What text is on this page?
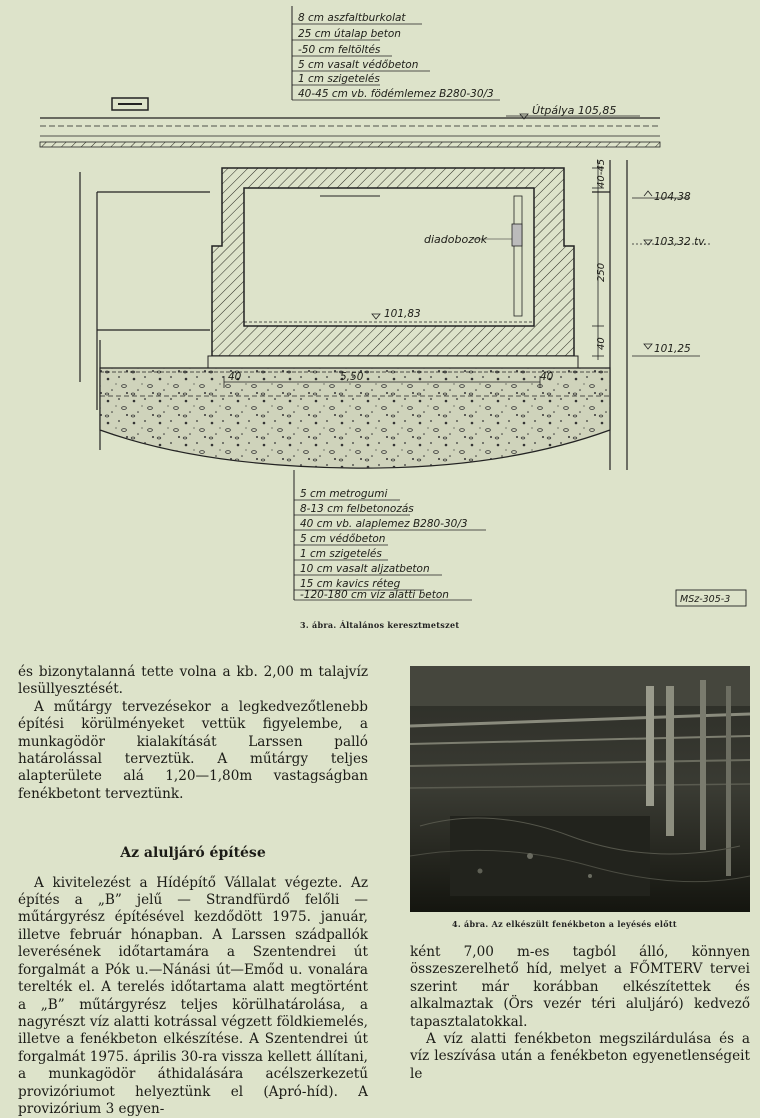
8 cm aszfaltburkolat
25 cm útalap beton
-50 cm feltöltés
5 cm vasalt védőbeton
1 cm szigetelés
40-45 cm vb. födémlemez B280-30/3
Útpálya 105,85
101,83
diadobozok
5,50
40	40
40-45
250
40
104,38
103,32 tv.
101,25
5 cm metrogumi
8-13 cm felbetonozás
40 cm vb. alaplemez B280-30/3
5 cm védőbeton
1 cm szigetelés
10 cm vasalt aljzatbeton
15 cm kavics réteg
-120-180 cm víz alatti beton	MSz-305-3
3. ábra. Általános keresztmetszet

és bizonytalanná tette volna a kb. 2,00 m talajvíz lesüllyesztését.

A műtárgy tervezésekor a legkedvezőtlenebb építési körülményeket vettük figyelembe, a munkagödör kialakítását Larssen palló határolással terveztük. A műtárgy teljes alapterülete alá 1,20—1,80m vastagságban fenékbetont terveztünk.

Az aluljáró építése

A kivitelezést a Hídépítő Vállalat végezte. Az építés a „B” jelű — Strandfürdő felőli — műtárgyrész építésével kezdődött 1975. január, illetve február hónapban. A Larssen szádpallók leverésének időtartamára a Szentendrei út forgalmát a Pók u.—Nánási út—Emőd u. vonalára terelték el. A terelés időtartama alatt megtörtént a „B” műtárgyrész teljes körülhatárolása, a nagyrészt víz alatti kotrással végzett földkiemelés, illetve a fenékbeton elkészítése. A Szentendrei út forgalmát 1975. április 30-ra vissza kellett állítani, a munkagödör áthidalására acélszerkezetű provizóriumot helyeztünk el (Apró-híd). A provizórium 3 egyen-

4. ábra. Az elkészült fenékbeton a leyésés előtt

ként 7,00 m-es tagból álló, könnyen összeszerelhető híd, melyet a FŐMTERV tervei szerint már korábban elkészítettek és alkalmaztak (Örs vezér téri aluljáró) kedvező tapasztalatokkal.

A víz alatti fenékbeton megszilárdulása és a víz leszívása után a fenékbeton egyenetlenségeit le
